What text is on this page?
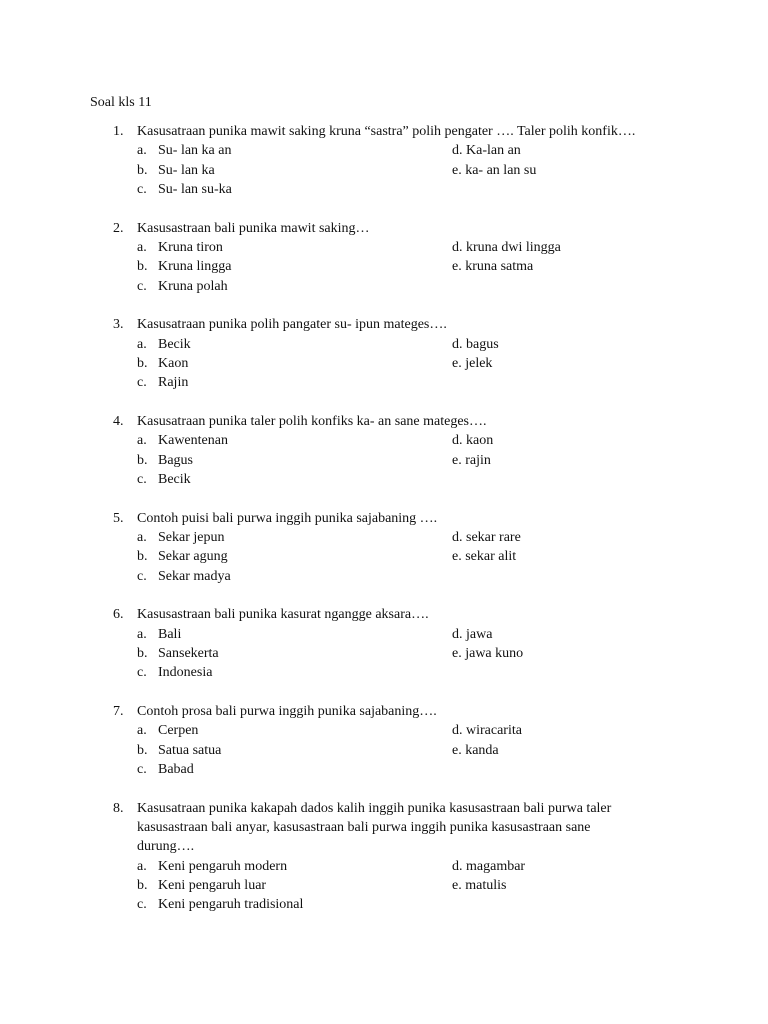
Soal kls 11
1. Kasusatraan punika mawit saking kruna “sastra” polih pengater …. Taler polih konfik….
a. Su- lan ka an	d. Ka-lan an
b. Su- lan ka	e. ka- an lan su
c. Su- lan su-ka
2. Kasusastraan bali punika mawit saking…
a. Kruna tiron	d. kruna dwi lingga
b. Kruna lingga	e. kruna satma
c. Kruna polah
3. Kasusatraan punika polih pangater su- ipun mateges….
a. Becik	d. bagus
b. Kaon	e. jelek
c. Rajin
4. Kasusatraan punika taler polih konfiks ka- an sane mateges….
a. Kawentenan	d. kaon
b. Bagus	e. rajin
c. Becik
5. Contoh puisi bali purwa inggih punika sajabaning ….
a. Sekar jepun	d. sekar rare
b. Sekar agung	e. sekar alit
c. Sekar madya
6. Kasusastraan bali punika kasurat ngangge aksara….
a. Bali	d. jawa
b. Sansekerta	e. jawa kuno
c. Indonesia
7. Contoh prosa bali purwa inggih punika sajabaning….
a. Cerpen	d. wiracarita
b. Satua satua	e. kanda
c. Babad
8. Kasusatraan punika kakapah dados kalih inggih punika kasusastraan bali purwa taler
kasusastraan bali anyar, kasusastraan bali purwa inggih punika kasusastraan sane
durung….
a. Keni pengaruh modern	d. magambar
b. Keni pengaruh luar	e. matulis
c. Keni pengaruh tradisional
